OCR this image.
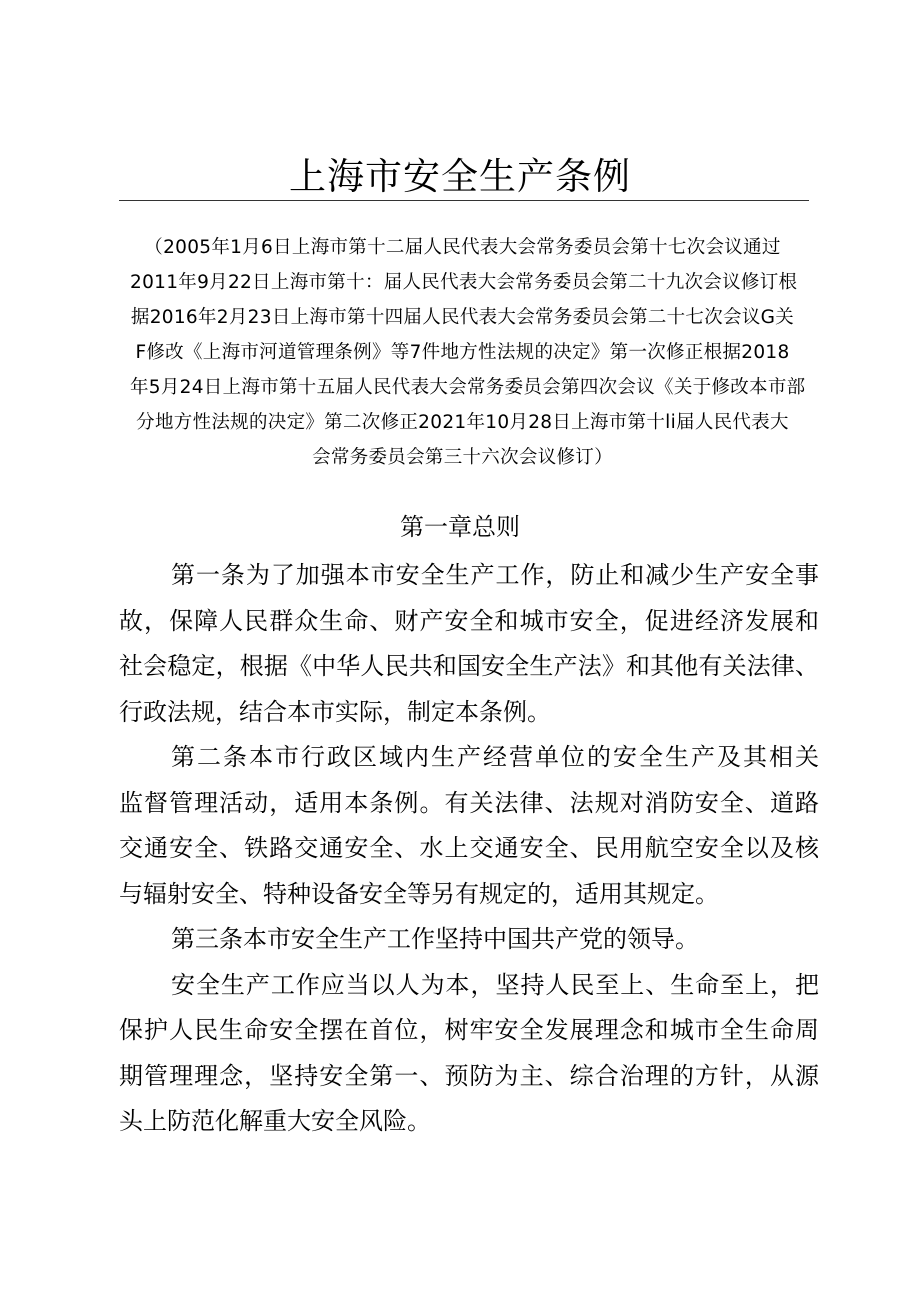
上海市安全生产条例
（2005年1月6日上海市第十二届人民代表大会常务委员会第十七次会议通过
2011年9月22日上海市第十：届人民代表大会常务委员会第二十九次会议修订根
据2016年2月23日上海市第十四届人民代表大会常务委员会第二十七次会议G关
F修改《上海市河道管理条例》等7件地方性法规的决定》第一次修正根据2018
年5月24日上海市第十五届人民代表大会常务委员会第四次会议《关于修改本市部
分地方性法规的决定》第二次修正2021年10月28日上海市第十li届人民代表大
会常务委员会第三十六次会议修订）
第一章总则

第一条为了加强本市安全生产工作，防止和减少生产安全事
故，保障人民群众生命、财产安全和城市安全，促进经济发展和
社会稳定，根据《中华人民共和国安全生产法》和其他有关法律、
行政法规，结合本市实际，制定本条例。

第二条本市行政区域内生产经营单位的安全生产及其相关
监督管理活动，适用本条例。有关法律、法规对消防安全、道路
交通安全、铁路交通安全、水上交通安全、民用航空安全以及核
与辐射安全、特种设备安全等另有规定的，适用其规定。

第三条本市安全生产工作坚持中国共产党的领导。

安全生产工作应当以人为本，坚持人民至上、生命至上，把
保护人民生命安全摆在首位，树牢安全发展理念和城市全生命周
期管理理念，坚持安全第一、预防为主、综合治理的方针，从源
头上防范化解重大安全风险。
